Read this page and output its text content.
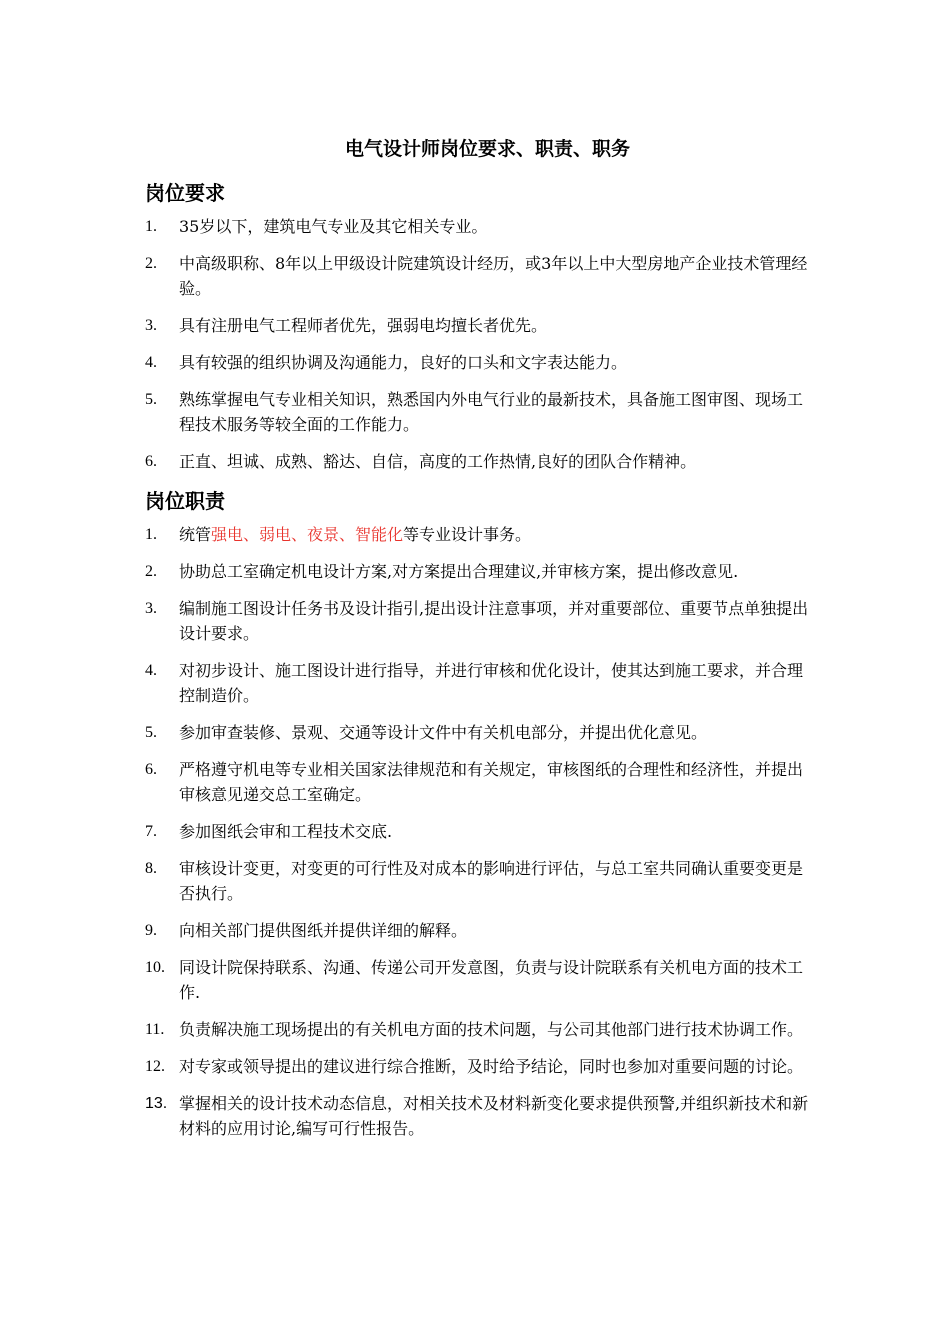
电气设计师岗位要求、职责、职务
岗位要求
1.	35岁以下，建筑电气专业及其它相关专业。
2.	中高级职称、8年以上甲级设计院建筑设计经历，或3年以上中大型房地产企业技术管理经验。
3.	具有注册电气工程师者优先，强弱电均擅长者优先。
4.	具有较强的组织协调及沟通能力，良好的口头和文字表达能力。
5.	熟练掌握电气专业相关知识，熟悉国内外电气行业的最新技术，具备施工图审图、现场工程技术服务等较全面的工作能力。
6.	正直、坦诚、成熟、豁达、自信，高度的工作热情,良好的团队合作精神。
岗位职责
1.	统管强电、弱电、夜景、智能化等专业设计事务。
2.	协助总工室确定机电设计方案,对方案提出合理建议,并审核方案，提出修改意见.
3.	编制施工图设计任务书及设计指引,提出设计注意事项，并对重要部位、重要节点单独提出设计要求。
4.	对初步设计、施工图设计进行指导，并进行审核和优化设计，使其达到施工要求，并合理控制造价。
5.	参加审查装修、景观、交通等设计文件中有关机电部分，并提出优化意见。
6.	严格遵守机电等专业相关国家法律规范和有关规定，审核图纸的合理性和经济性，并提出审核意见递交总工室确定。
7.	参加图纸会审和工程技术交底.
8.	审核设计变更，对变更的可行性及对成本的影响进行评估，与总工室共同确认重要变更是否执行。
9.	向相关部门提供图纸并提供详细的解释。
10. 同设计院保持联系、沟通、传递公司开发意图，负责与设计院联系有关机电方面的技术工作.
11. 负责解决施工现场提出的有关机电方面的技术问题，与公司其他部门进行技术协调工作。
12. 对专家或领导提出的建议进行综合推断，及时给予结论，同时也参加对重要问题的讨论。
13. 掌握相关的设计技术动态信息，对相关技术及材料新变化要求提供预警,并组织新技术和新材料的应用讨论,编写可行性报告。
